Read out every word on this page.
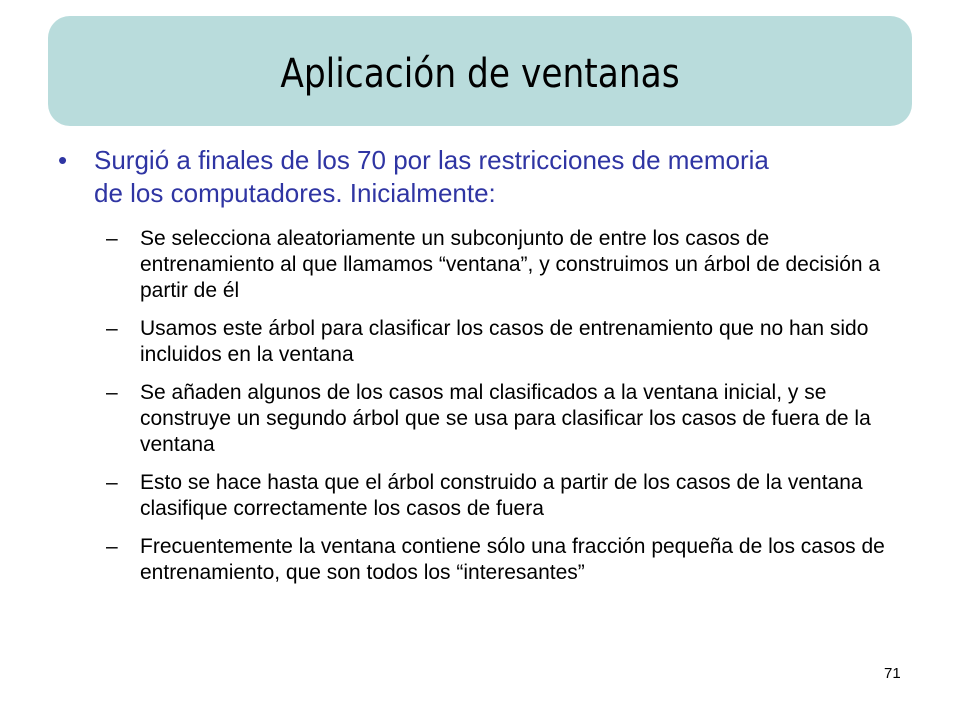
Aplicación de ventanas
•	Surgió a finales de los 70 por las restricciones de memoria de los computadores. Inicialmente:
–	Se selecciona aleatoriamente un subconjunto de entre los casos de entrenamiento al que llamamos “ventana”, y construimos un árbol de decisión a partir de él
–	Usamos este árbol para clasificar los casos de entrenamiento que no han sido incluidos en la ventana
–	Se añaden algunos de los casos mal clasificados a la ventana inicial, y se construye un segundo árbol que se usa para clasificar los casos de fuera de la ventana
–	Esto se hace hasta que el árbol construido a partir de los casos de la ventana clasifique correctamente los casos de fuera
–	Frecuentemente la ventana contiene sólo una fracción pequeña de los casos de entrenamiento, que son todos los “interesantes”
71
